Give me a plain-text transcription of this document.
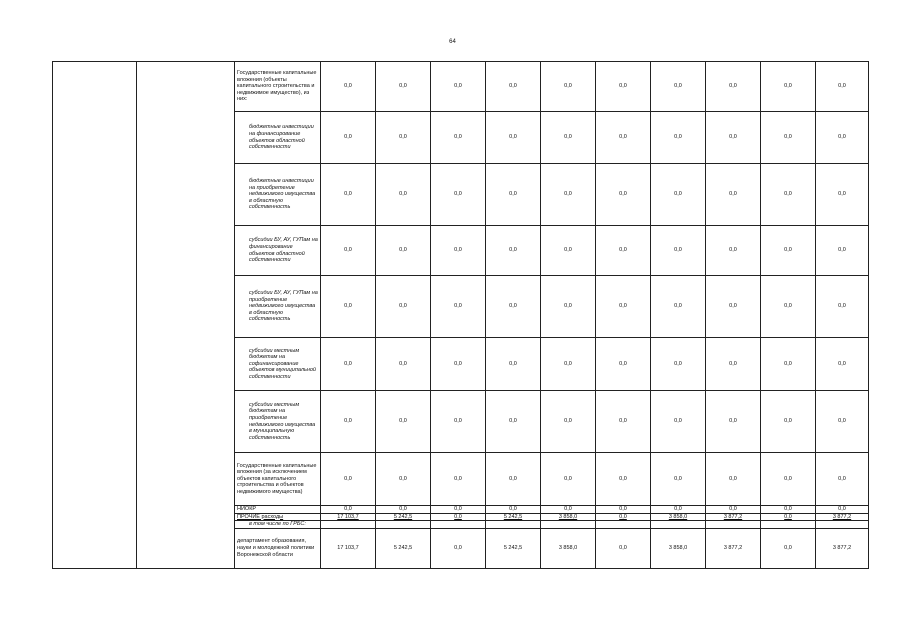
64
		Государственные капитальные вложения (объекты капитального строительства и недвижимое имущество), из них:	0,0	0,0	0,0	0,0	0,0	0,0	0,0	0,0	0,0	0,0
		бюджетные инвестиции на финансирование объектов областной собственности	0,0	0,0	0,0	0,0	0,0	0,0	0,0	0,0	0,0	0,0
		бюджетные инвестиции на приобретение недвижимого имущества в областную собственность	0,0	0,0	0,0	0,0	0,0	0,0	0,0	0,0	0,0	0,0
		субсидии БУ, АУ, ГУПам на финансирование объектов областной собственности	0,0	0,0	0,0	0,0	0,0	0,0	0,0	0,0	0,0	0,0
		субсидии БУ, АУ, ГУПам на приобретение недвижимого имущества в областную собственность	0,0	0,0	0,0	0,0	0,0	0,0	0,0	0,0	0,0	0,0
		субсидии местным бюджетам на софинансирование объектов муниципальной собственности	0,0	0,0	0,0	0,0	0,0	0,0	0,0	0,0	0,0	0,0
		субсидии местным бюджетам на приобретение недвижимого имущества в муниципальную собственность	0,0	0,0	0,0	0,0	0,0	0,0	0,0	0,0	0,0	0,0
		Государственные капитальные вложения (за исключением объектов капитального строительства и объектов недвижимого имущества)	0,0	0,0	0,0	0,0	0,0	0,0	0,0	0,0	0,0	0,0
		НИОКР	0,0	0,0	0,0	0,0	0,0	0,0	0,0	0,0	0,0	0,0
		ПРОЧИЕ расходы	17 103,7	5 242,5	0,0	5 242,5	3 858,0	0,0	3 858,0	3 877,2	0,0	3 877,2
		в том числе по ГРБС:										
		департамент образования, науки и молодежной политики Воронежской области	17 103,7	5 242,5	0,0	5 242,5	3 858,0	0,0	3 858,0	3 877,2	0,0	3 877,2
